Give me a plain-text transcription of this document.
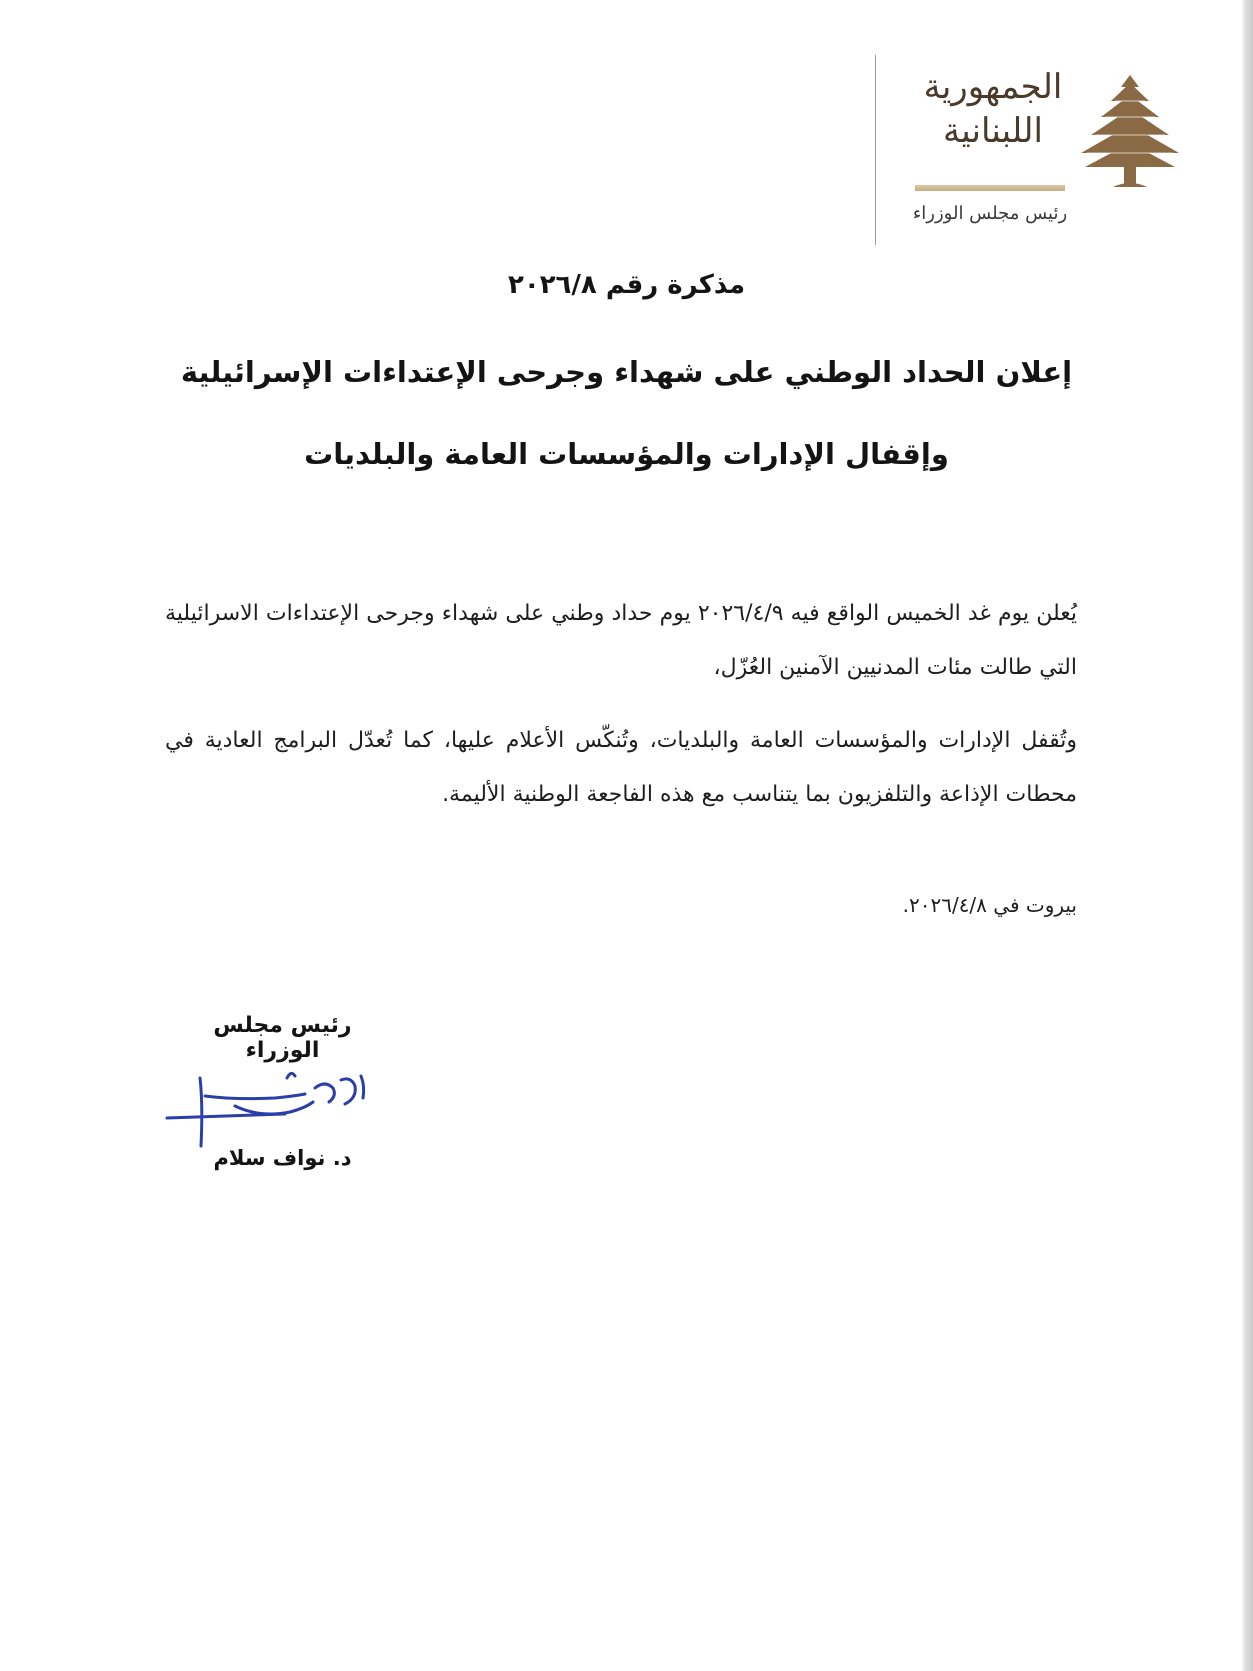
الجمهورية
اللبنانية
رئيس مجلس الوزراء
مذكرة رقم ٢٠٢٦/٨
إعلان الحداد الوطني على شهداء وجرحى الإعتداءات الإسرائيلية
وإقفال الإدارات والمؤسسات العامة والبلديات
يُعلن يوم غد الخميس الواقع فيه ٢٠٢٦/٤/٩ يوم حداد وطني على شهداء وجرحى الإعتداءات الاسرائيلية التي طالت مئات المدنيين الآمنين العُزّل،
وتُقفل الإدارات والمؤسسات العامة والبلديات، وتُنكّس الأعلام عليها، كما تُعدّل البرامج العادية في محطات الإذاعة والتلفزيون بما يتناسب مع هذه الفاجعة الوطنية الأليمة.
بيروت في ٢٠٢٦/٤/٨.
رئيس مجلس الوزراء
د. نواف سلام
